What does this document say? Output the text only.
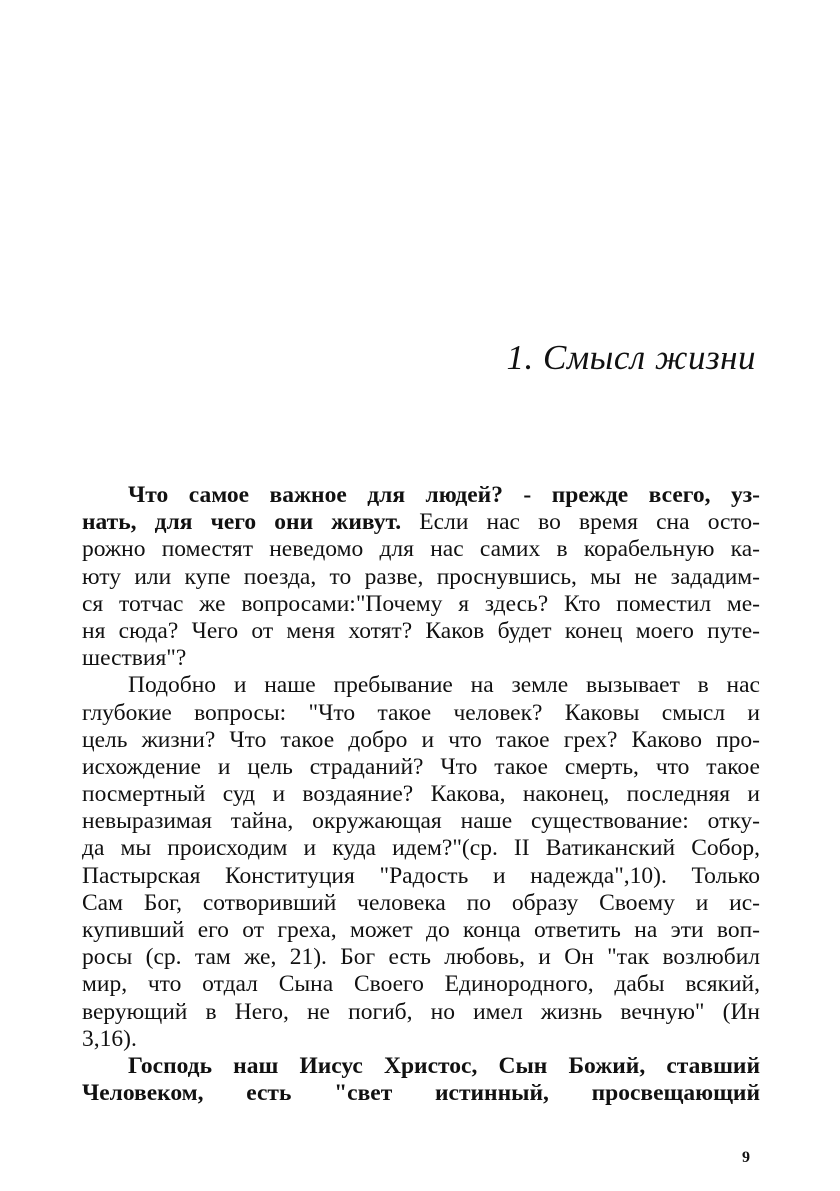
1. Смысл жизни
Что самое важное для людей? - прежде всего, уз-
нать, для чего они живут. Если нас во время сна осто-
рожно поместят неведомо для нас самих в корабельную ка-
юту или купе поезда, то разве, проснувшись, мы не зададим-
ся тотчас же вопросами:"Почему я здесь? Кто поместил ме-
ня сюда? Чего от меня хотят? Каков будет конец моего путе-
шествия"?
Подобно и наше пребывание на земле вызывает в нас
глубокие вопросы: "Что такое человек? Каковы смысл и
цель жизни? Что такое добро и что такое грех? Каково про-
исхождение и цель страданий? Что такое смерть, что такое
посмертный суд и воздаяние? Какова, наконец, последняя и
невыразимая тайна, окружающая наше существование: отку-
да мы происходим и куда идем?"(ср. II Ватиканский Собор,
Пастырская Конституция "Радость и надежда",10). Только
Сам Бог, сотворивший человека по образу Своему и ис-
купивший его от греха, может до конца ответить на эти воп-
росы (ср. там же, 21). Бог есть любовь, и Он "так возлюбил
мир, что отдал Сына Своего Единородного, дабы всякий,
верующий в Него, не погиб, но имел жизнь вечную" (Ин
3,16).
Господь наш Иисус Христос, Сын Божий, ставший
Человеком, есть "свет истинный, просвещающий
9
